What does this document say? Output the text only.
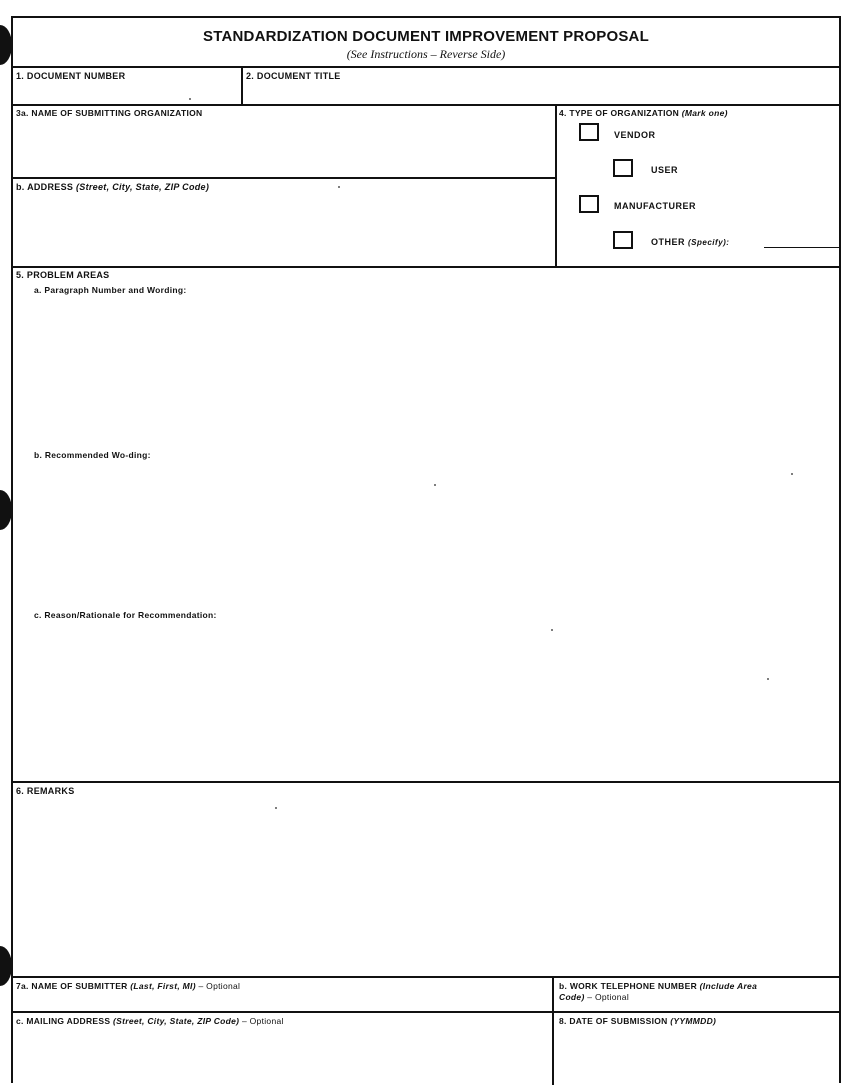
STANDARDIZATION DOCUMENT IMPROVEMENT PROPOSAL
(See Instructions – Reverse Side)
1. DOCUMENT NUMBER	2. DOCUMENT TITLE
3a. NAME OF SUBMITTING ORGANIZATION
b. ADDRESS (Street, City, State, ZIP Code)
4. TYPE OF ORGANIZATION (Mark one)
VENDOR
USER
MANUFACTURER
OTHER (Specify):
5. PROBLEM AREAS
a. Paragraph Number and Wording:
b. Recommended Wo-ding:
c. Reason/Rationale for Recommendation:
6. REMARKS
7a. NAME OF SUBMITTER (Last, First, MI) – Optional	b. WORK TELEPHONE NUMBER (Include Area
Code) – Optional
c. MAILING ADDRESS (Street, City, State, ZIP Code) – Optional	8. DATE OF SUBMISSION (YYMMDD)
